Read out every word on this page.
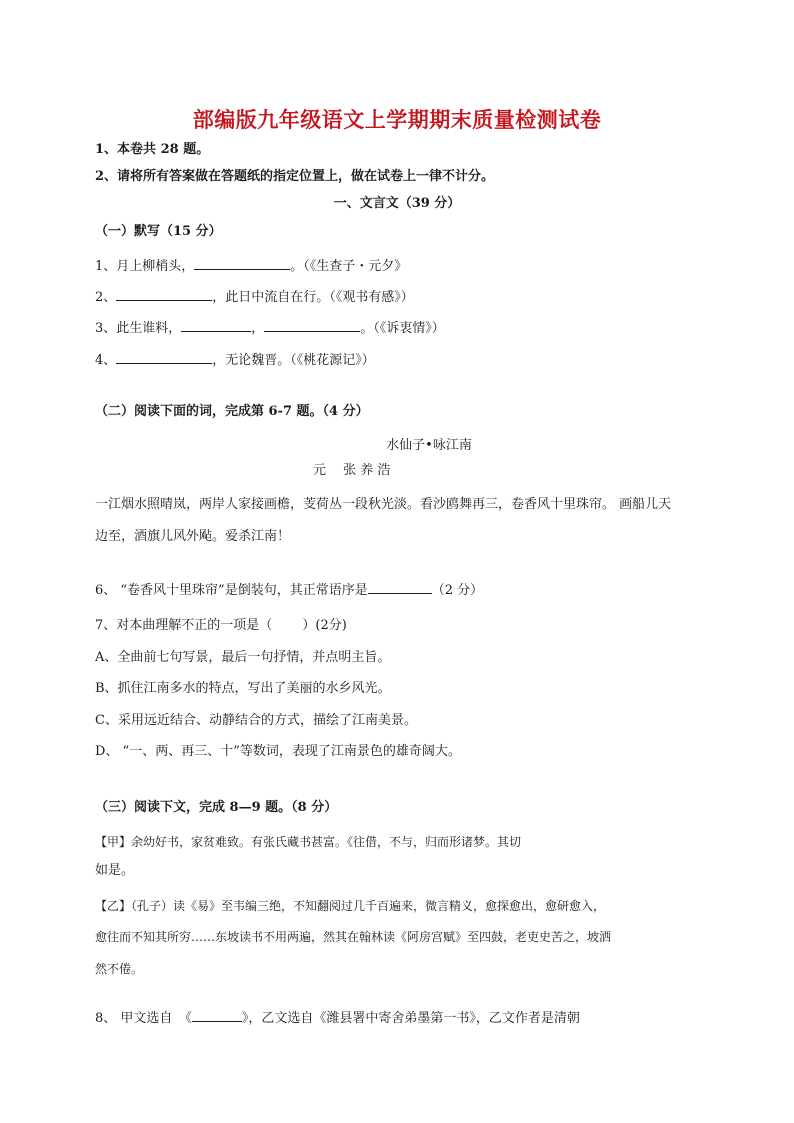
部编版九年级语文上学期期末质量检测试卷
1、本卷共 28 题。
2、请将所有答案做在答题纸的指定位置上，做在试卷上一律不计分。
一、文言文（39 分）
（一）默写（15 分）
1、月上柳梢头，	。（《生查子・元夕》
2、	，此日中流自在行。（《观书有感》）
3、此生谁料，	，	。（《诉衷情》）
4、	，无论魏晋。（《桃花源记》）
（二）阅读下面的词，完成第 6-7 题。（4 分）
水仙子•咏江南
元　 张 养 浩
一江烟水照晴岚，两岸人家接画檐，芰荷丛一段秋光淡。看沙鸥舞再三，卷香风十里珠帘。 画船儿天
边至，酒旗儿风外飐。爱杀江南！
6、 “卷香风十里珠帘”是倒装句，其正常语序是	（2 分）
7、对本曲理解不正的一项是（　　 ）(2分)
A、全曲前七句写景，最后一句抒情，并点明主旨。
B、抓住江南多水的特点，写出了美丽的水乡风光。
C、采用远近结合、动静结合的方式，描绘了江南美景。
D、 “一、两、再三、十”等数词，表现了江南景色的雄奇阔大。
（三）阅读下文，完成 8—9 题。（8 分）
【甲】余幼好书，家贫难致。有张氏藏书甚富。《往借，不与，归而形诸梦。其切
如是。
【乙】（孔子）读《易》至韦编三绝，不知翻阅过几千百遍来，微言精义，愈探愈出，愈研愈入，
愈往而不知其所穷……东坡读书不用两遍，然其在翰林读《阿房宫赋》至四鼓，老吏史苦之，坡洒
然不倦。
8、 甲文选自　《	》，乙文选自《潍县署中寄舍弟墨第一书》，乙文作者是清朝
